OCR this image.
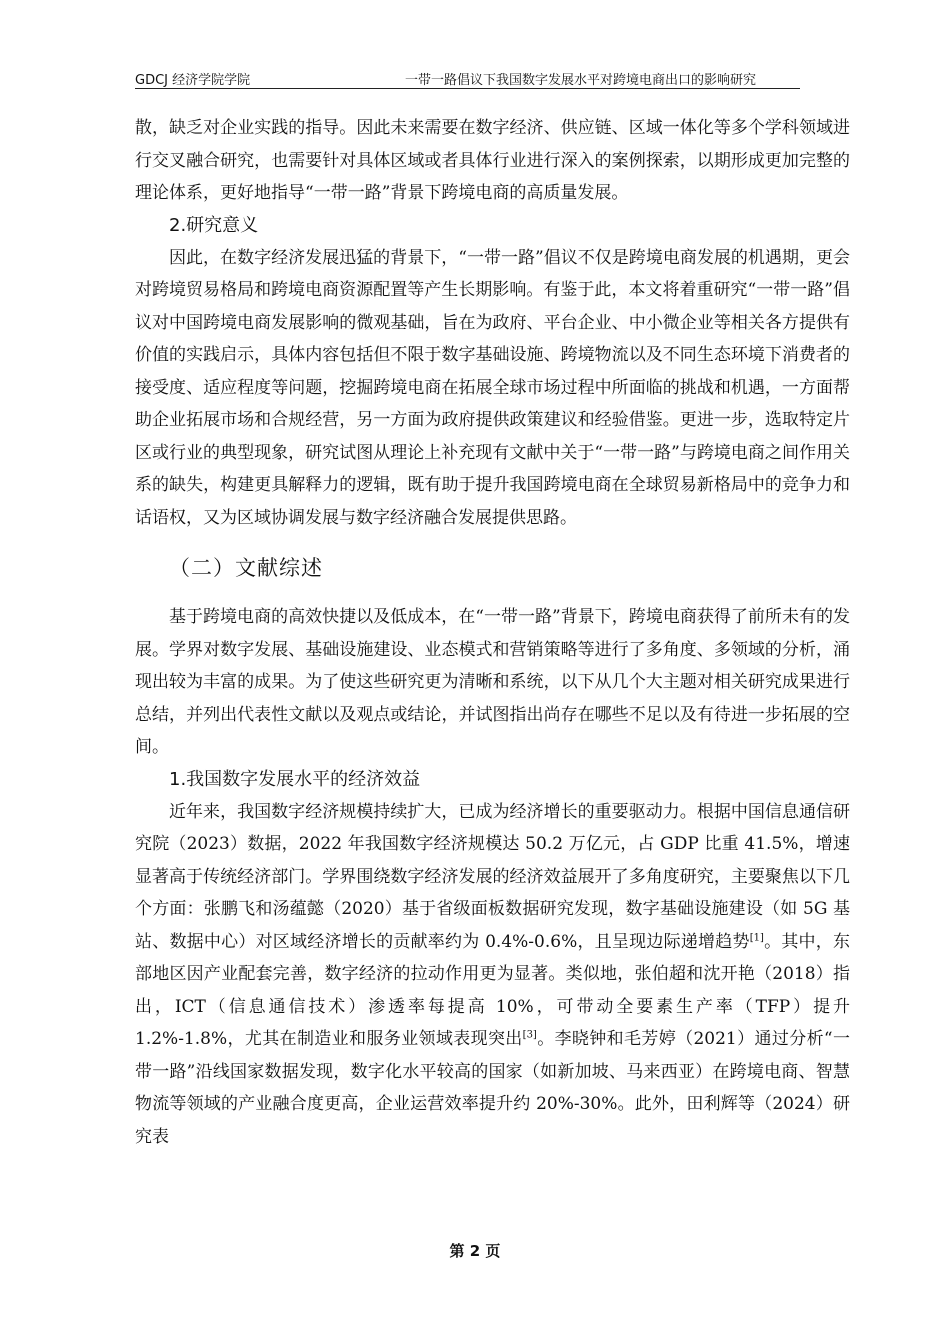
GDCJ 经济学院学院	一带一路倡议下我国数字发展水平对跨境电商出口的影响研究

散，缺乏对企业实践的指导。因此未来需要在数字经济、供应链、区域一体化等多个学科领域进行交叉融合研究，也需要针对具体区域或者具体行业进行深入的案例探索，以期形成更加完整的理论体系，更好地指导“一带一路”背景下跨境电商的高质量发展。

2.研究意义

因此，在数字经济发展迅猛的背景下，“一带一路”倡议不仅是跨境电商发展的机遇期，更会对跨境贸易格局和跨境电商资源配置等产生长期影响。有鉴于此，本文将着重研究“一带一路”倡议对中国跨境电商发展影响的微观基础，旨在为政府、平台企业、中小微企业等相关各方提供有价值的实践启示，具体内容包括但不限于数字基础设施、跨境物流以及不同生态环境下消费者的接受度、适应程度等问题，挖掘跨境电商在拓展全球市场过程中所面临的挑战和机遇，一方面帮助企业拓展市场和合规经营，另一方面为政府提供政策建议和经验借鉴。更进一步，选取特定片区或行业的典型现象，研究试图从理论上补充现有文献中关于“一带一路”与跨境电商之间作用关系的缺失，构建更具解释力的逻辑，既有助于提升我国跨境电商在全球贸易新格局中的竞争力和话语权，又为区域协调发展与数字经济融合发展提供思路。

（二）文献综述

基于跨境电商的高效快捷以及低成本，在“一带一路”背景下，跨境电商获得了前所未有的发展。学界对数字发展、基础设施建设、业态模式和营销策略等进行了多角度、多领域的分析，涌现出较为丰富的成果。为了使这些研究更为清晰和系统，以下从几个大主题对相关研究成果进行总结，并列出代表性文献以及观点或结论，并试图指出尚存在哪些不足以及有待进一步拓展的空间。

1.我国数字发展水平的经济效益

近年来，我国数字经济规模持续扩大，已成为经济增长的重要驱动力。根据中国信息通信研究院（2023）数据，2022 年我国数字经济规模达 50.2 万亿元，占 GDP 比重 41.5%，增速显著高于传统经济部门。学界围绕数字经济发展的经济效益展开了多角度研究，主要聚焦以下几个方面：张鹏飞和汤蕴懿（2020）基于省级面板数据研究发现，数字基础设施建设（如 5G 基站、数据中心）对区域经济增长的贡献率约为 0.4%-0.6%，且呈现边际递增趋势[1]。其中，东部地区因产业配套完善，数字经济的拉动作用更为显著。类似地，张伯超和沈开艳（2018）指出，ICT（信息通信技术）渗透率每提高 10%，可带动全要素生产率（TFP）提升 1.2%-1.8%，尤其在制造业和服务业领域表现突出[3]。李晓钟和毛芳婷（2021）通过分析“一带一路”沿线国家数据发现，数字化水平较高的国家（如新加坡、马来西亚）在跨境电商、智慧物流等领域的产业融合度更高，企业运营效率提升约 20%-30%。此外，田利辉等（2024）研究表

第 2 页
